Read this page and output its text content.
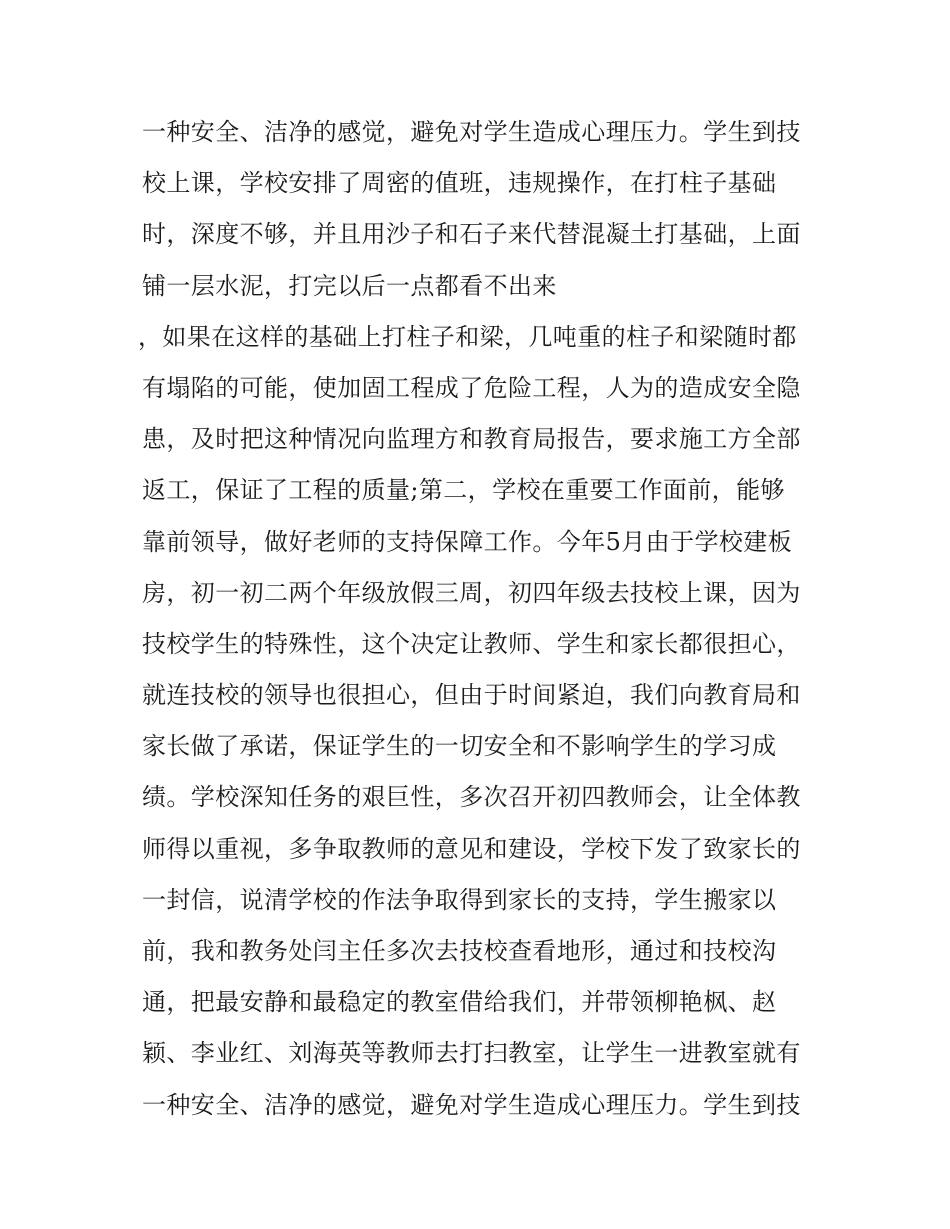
一种安全、洁净的感觉，避免对学生造成心理压力。学生到技
校上课，学校安排了周密的值班，违规操作，在打柱子基础
时，深度不够，并且用沙子和石子来代替混凝土打基础，上面
铺一层水泥，打完以后一点都看不出来
，如果在这样的基础上打柱子和梁，几吨重的柱子和梁随时都
有塌陷的可能，使加固工程成了危险工程，人为的造成安全隐
患，及时把这种情况向监理方和教育局报告，要求施工方全部
返工，保证了工程的质量;第二，学校在重要工作面前，能够
靠前领导，做好老师的支持保障工作。今年5月由于学校建板
房，初一初二两个年级放假三周，初四年级去技校上课，因为
技校学生的特殊性，这个决定让教师、学生和家长都很担心，
就连技校的领导也很担心，但由于时间紧迫，我们向教育局和
家长做了承诺，保证学生的一切安全和不影响学生的学习成
绩。学校深知任务的艰巨性，多次召开初四教师会，让全体教
师得以重视，多争取教师的意见和建设，学校下发了致家长的
一封信，说清学校的作法争取得到家长的支持，学生搬家以
前，我和教务处闫主任多次去技校查看地形，通过和技校沟
通，把最安静和最稳定的教室借给我们，并带领柳艳枫、赵
颖、李业红、刘海英等教师去打扫教室，让学生一进教室就有
一种安全、洁净的感觉，避免对学生造成心理压力。学生到技
